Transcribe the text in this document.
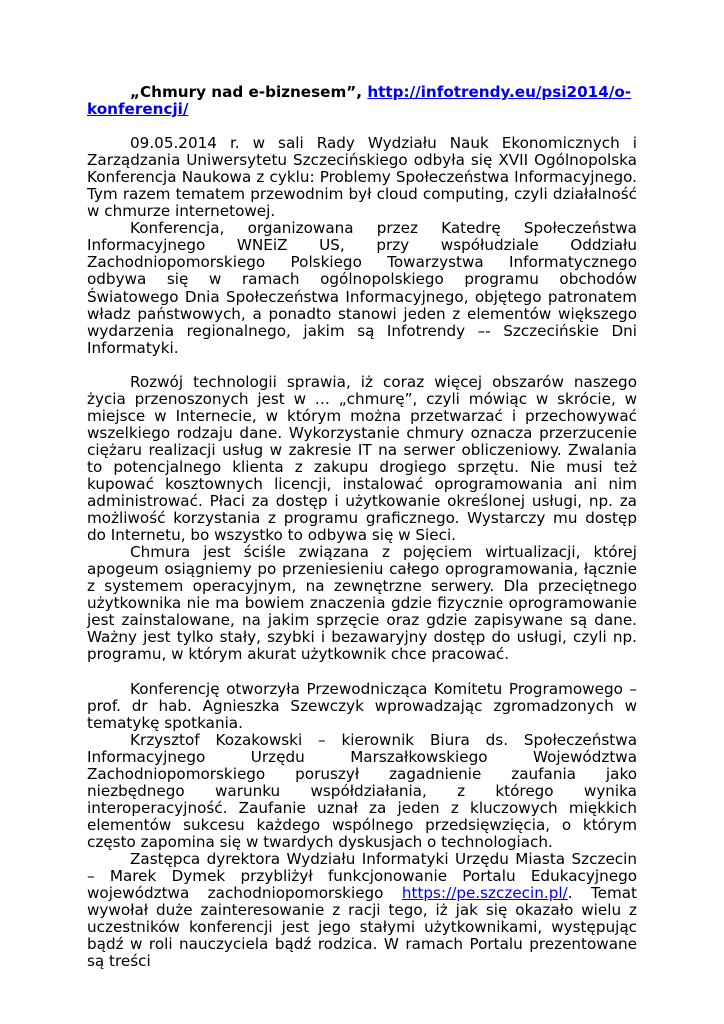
„Chmury nad e-biznesem”, http://infotrendy.eu/psi2014/o-konferencji/

09.05.2014 r. w sali Rady Wydziału Nauk Ekonomicznych i Zarządzania Uniwersytetu Szczecińskiego odbyła się XVII Ogólnopolska Konferencja Naukowa z cyklu: Problemy Społeczeństwa Informacyjnego. Tym razem tematem przewodnim był cloud computing, czyli działalność w chmurze internetowej.

Konferencja, organizowana przez Katedrę Społeczeństwa Informacyjnego WNEiZ US, przy współudziale Oddziału Zachodniopomorskiego Polskiego Towarzystwa Informatycznego odbywa się w ramach ogólnopolskiego programu obchodów Światowego Dnia Społeczeństwa Informacyjnego, objętego patronatem władz państwowych, a ponadto stanowi jeden z elementów większego wydarzenia regionalnego, jakim są Infotrendy –- Szczecińskie Dni Informatyki.

Rozwój technologii sprawia, iż coraz więcej obszarów naszego życia przenoszonych jest w … „chmurę”, czyli mówiąc w skrócie, w miejsce w Internecie, w którym można przetwarzać i przechowywać wszelkiego rodzaju dane. Wykorzystanie chmury oznacza przerzucenie ciężaru realizacji usług w zakresie IT na serwer obliczeniowy. Zwalania to potencjalnego klienta z zakupu drogiego sprzętu. Nie musi też kupować kosztownych licencji, instalować oprogramowania ani nim administrować. Płaci za dostęp i użytkowanie określonej usługi, np. za możliwość korzystania z programu graficznego. Wystarczy mu dostęp do Internetu, bo wszystko to odbywa się w Sieci.

Chmura jest ściśle związana z pojęciem wirtualizacji, której apogeum osiągniemy po przeniesieniu całego oprogramowania, łącznie z systemem operacyjnym, na zewnętrzne serwery. Dla przeciętnego użytkownika nie ma bowiem znaczenia gdzie fizycznie oprogramowanie jest zainstalowane, na jakim sprzęcie oraz gdzie zapisywane są dane. Ważny jest tylko stały, szybki i bezawaryjny dostęp do usługi, czyli np. programu, w którym akurat użytkownik chce pracować.

Konferencję otworzyła Przewodnicząca Komitetu Programowego – prof. dr hab. Agnieszka Szewczyk wprowadzając zgromadzonych w tematykę spotkania.

Krzysztof Kozakowski – kierownik Biura ds. Społeczeństwa Informacyjnego Urzędu Marszałkowskiego Województwa Zachodniopomorskiego poruszył zagadnienie zaufania jako niezbędnego warunku współdziałania, z którego wynika interoperacyjność. Zaufanie uznał za jeden z kluczowych miękkich elementów sukcesu każdego wspólnego przedsięwzięcia, o którym często zapomina się w twardych dyskusjach o technologiach.

Zastępca dyrektora Wydziału Informatyki Urzędu Miasta Szczecin – Marek Dymek przybliżył funkcjonowanie Portalu Edukacyjnego województwa zachodniopomorskiego https://pe.szczecin.pl/. Temat wywołał duże zainteresowanie z racji tego, iż jak się okazało wielu z uczestników konferencji jest jego stałymi użytkownikami, występując bądź w roli nauczyciela bądź rodzica. W ramach Portalu prezentowane są treści
